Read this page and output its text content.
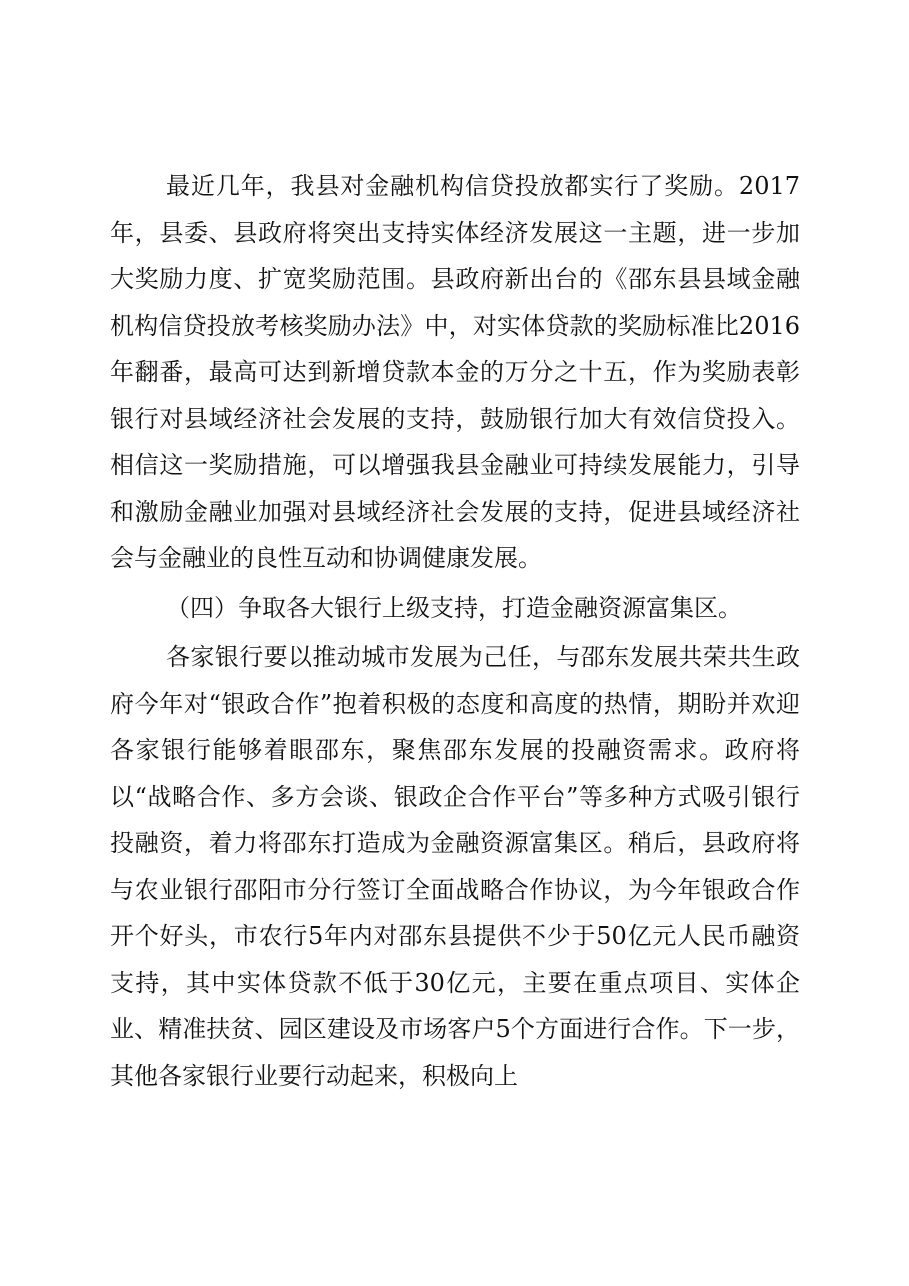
最近几年，我县对金融机构信贷投放都实行了奖励。2017年，县委、县政府将突出支持实体经济发展这一主题，进一步加大奖励力度、扩宽奖励范围。县政府新出台的《邵东县县域金融机构信贷投放考核奖励办法》中，对实体贷款的奖励标准比2016年翻番，最高可达到新增贷款本金的万分之十五，作为奖励表彰银行对县域经济社会发展的支持，鼓励银行加大有效信贷投入。相信这一奖励措施，可以增强我县金融业可持续发展能力，引导和激励金融业加强对县域经济社会发展的支持，促进县域经济社会与金融业的良性互动和协调健康发展。

（四）争取各大银行上级支持，打造金融资源富集区。

各家银行要以推动城市发展为己任，与邵东发展共荣共生政府今年对“银政合作”抱着积极的态度和高度的热情，期盼并欢迎各家银行能够着眼邵东，聚焦邵东发展的投融资需求。政府将以“战略合作、多方会谈、银政企合作平台”等多种方式吸引银行投融资，着力将邵东打造成为金融资源富集区。稍后，县政府将与农业银行邵阳市分行签订全面战略合作协议，为今年银政合作开个好头，市农行5年内对邵东县提供不少于50亿元人民币融资支持，其中实体贷款不低于30亿元，主要在重点项目、实体企业、精准扶贫、园区建设及市场客户5个方面进行合作。下一步，其他各家银行业要行动起来，积极向上
